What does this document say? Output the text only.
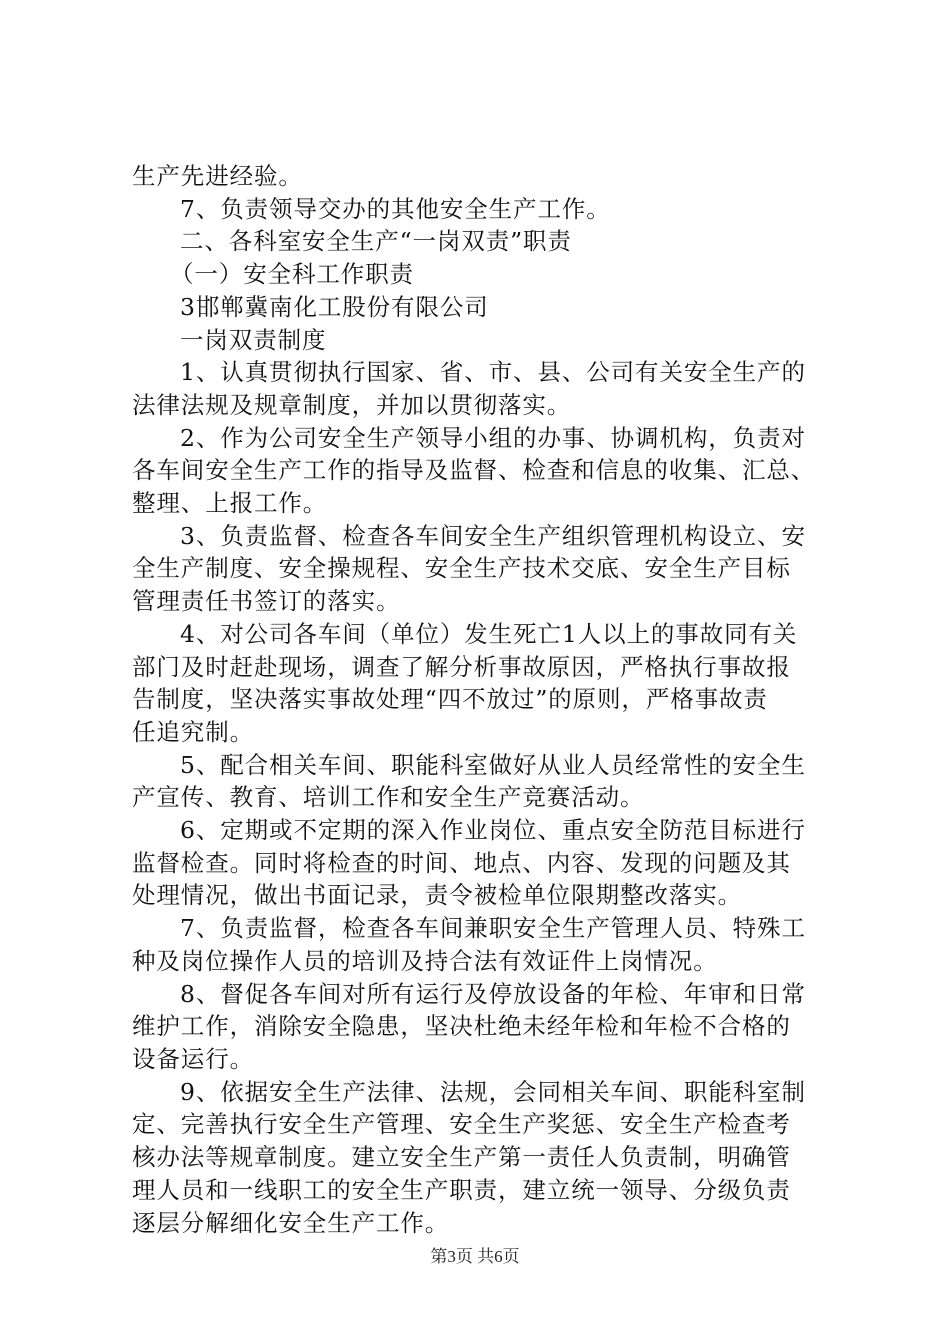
生产先进经验。
7、负责领导交办的其他安全生产工作。
二、各科室安全生产“一岗双责”职责
（一）安全科工作职责
3邯郸冀南化工股份有限公司
一岗双责制度
1、认真贯彻执行国家、省、市、县、公司有关安全生产的
法律法规及规章制度，并加以贯彻落实。
2、作为公司安全生产领导小组的办事、协调机构，负责对
各车间安全生产工作的指导及监督、检查和信息的收集、汇总、
整理、上报工作。
3、负责监督、检查各车间安全生产组织管理机构设立、安
全生产制度、安全操规程、安全生产技术交底、安全生产目标
管理责任书签订的落实。
4、对公司各车间（单位）发生死亡1人以上的事故同有关
部门及时赶赴现场，调查了解分析事故原因，严格执行事故报
告制度，坚决落实事故处理“四不放过”的原则，严格事故责
任追究制。
5、配合相关车间、职能科室做好从业人员经常性的安全生
产宣传、教育、培训工作和安全生产竞赛活动。
6、定期或不定期的深入作业岗位、重点安全防范目标进行
监督检查。同时将检查的时间、地点、内容、发现的问题及其
处理情况，做出书面记录，责令被检单位限期整改落实。
7、负责监督，检查各车间兼职安全生产管理人员、特殊工
种及岗位操作人员的培训及持合法有效证件上岗情况。
8、督促各车间对所有运行及停放设备的年检、年审和日常
维护工作，消除安全隐患，坚决杜绝未经年检和年检不合格的
设备运行。
9、依据安全生产法律、法规，会同相关车间、职能科室制
定、完善执行安全生产管理、安全生产奖惩、安全生产检查考
核办法等规章制度。建立安全生产第一责任人负责制，明确管
理人员和一线职工的安全生产职责，建立统一领导、分级负责
逐层分解细化安全生产工作。
第3页 共6页
